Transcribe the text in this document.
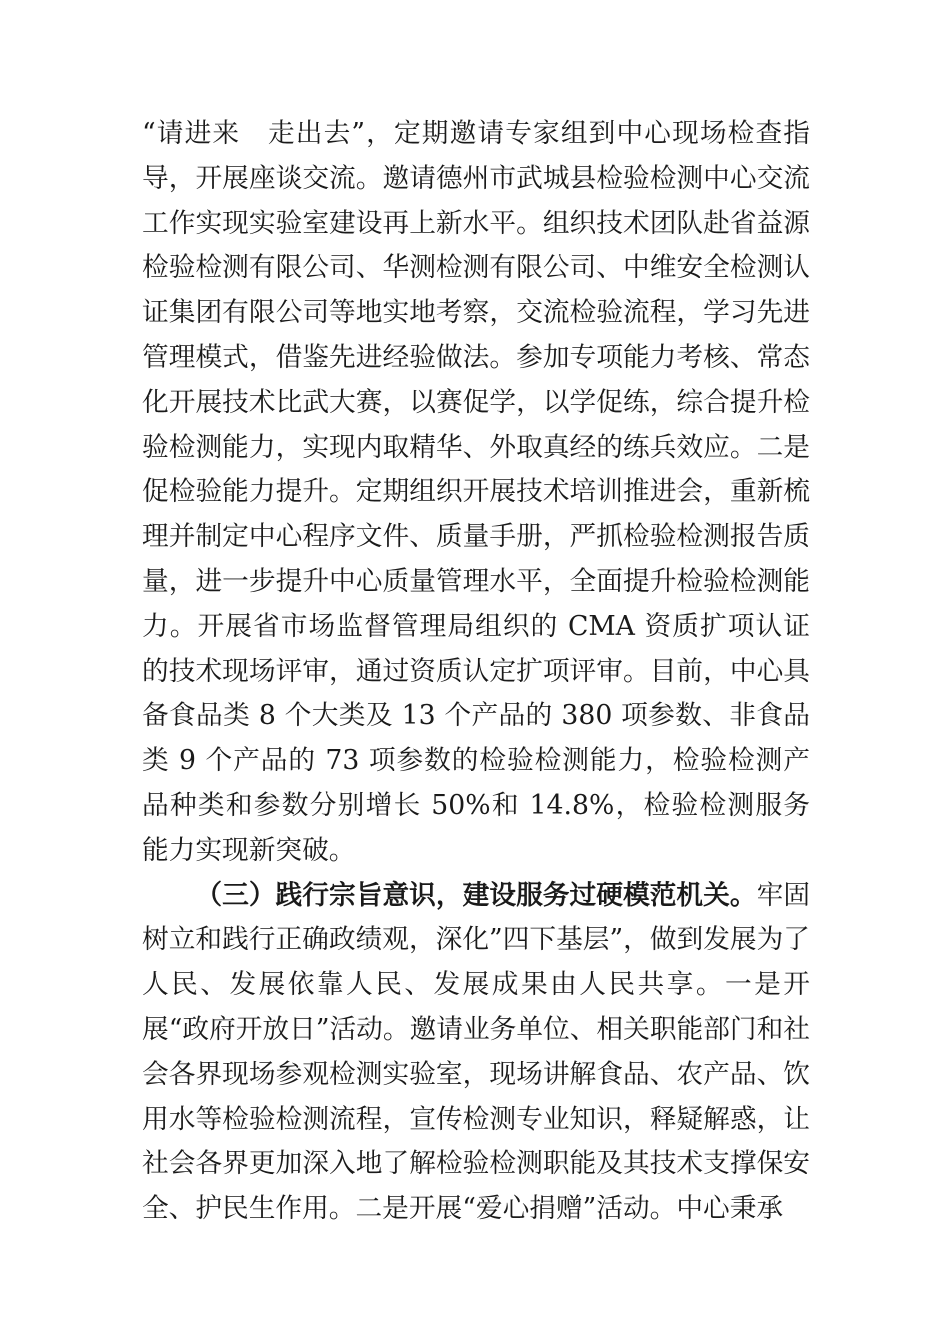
“请进来　走出去”，定期邀请专家组到中心现场检查指导，开展座谈交流。邀请德州市武城县检验检测中心交流工作实现实验室建设再上新水平。组织技术团队赴省益源检验检测有限公司、华测检测有限公司、中维安全检测认证集团有限公司等地实地考察，交流检验流程，学习先进管理模式，借鉴先进经验做法。参加专项能力考核、常态化开展技术比武大赛，以赛促学，以学促练，综合提升检验检测能力，实现内取精华、外取真经的练兵效应。二是促检验能力提升。定期组织开展技术培训推进会，重新梳理并制定中心程序文件、质量手册，严抓检验检测报告质量，进一步提升中心质量管理水平，全面提升检验检测能力。开展省市场监督管理局组织的 CMA 资质扩项认证的技术现场评审，通过资质认定扩项评审。目前，中心具备食品类 8 个大类及 13 个产品的 380 项参数、非食品类 9 个产品的 73 项参数的检验检测能力，检验检测产品种类和参数分别增长 50%和 14.8%，检验检测服务能力实现新突破。

（三）践行宗旨意识，建设服务过硬模范机关。牢固树立和践行正确政绩观，深化”四下基层”，做到发展为了人民、发展依靠人民、发展成果由人民共享。一是开展“政府开放日”活动。邀请业务单位、相关职能部门和社会各界现场参观检测实验室，现场讲解食品、农产品、饮用水等检验检测流程，宣传检测专业知识，释疑解惑，让社会各界更加深入地了解检验检测职能及其技术支撑保安全、护民生作用。二是开展“爱心捐赠”活动。中心秉承
